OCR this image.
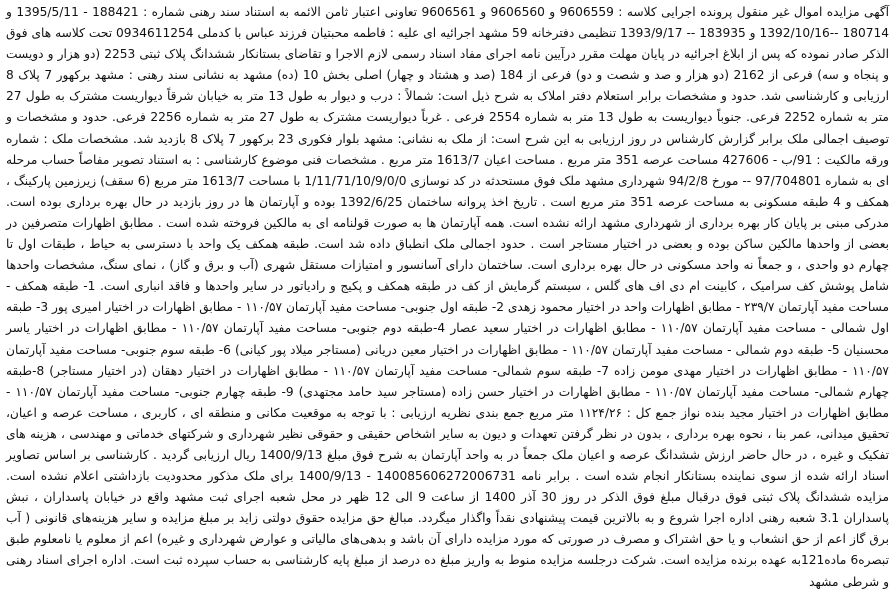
آگهی مزایده اموال غیر منقول پرونده اجرایی کلاسه : 9606559 و 9606560 و 9606561 تعاونی اعتبار ثامن الائمه به استناد سند رهنی شماره : 188421 - 1395/5/11 و 180714 --1392/10/16 و 183935 -- 1393/9/17 تنظیمی دفترخانه 59 مشهد اجرائیه ای علیه : فاطمه محبتیان فرزند عباس با کدملی 0934611254 تحت کلاسه های فوق الذکر صادر نموده که پس از ابلاغ اجرائیه در پایان مهلت مقرر درآیین نامه اجرای مفاد اسناد رسمی لازم الاجرا و تقاضای بستانکار ششدانگ پلاک ثبتی 2253 (دو هزار و دویست و پنجاه و سه) فرعی از 2162 (دو هزار و صد و شصت و دو) فرعی از 184 (صد و هشتاد و چهار) اصلی بخش 10 (ده) مشهد به نشانی سند رهنی : مشهد برکهور 7 پلاک 8 ارزیابی و کارشناسی شد. حدود و مشخصات برابر استعلام دفتر املاک به شرح ذیل است: شمالاً : درب و دیوار به طول 13 متر به خیابان شرقاً دیواریست مشترک به طول 27 متر به شماره 2252 فرعی. جنوباً دیواریست به طول 13 متر به شماره 2554 فرعی . غرباً دیواریست مشترک به طول 27 متر به شماره 2256 فرعی. حدود و مشخصات و توصیف اجمالی ملک برابر گزارش کارشناس در روز ارزیابی به این شرح است: از ملک به نشانی: مشهد بلوار فکوری 23 برکهور 7 پلاک 8 بازدید شد. مشخصات ملک : شماره ورقه مالکیت : 91/ب - 427606 مساحت عرصه 351 متر مربع . مساحت اعیان 1613/7 متر مربع . مشخصات فنی موضوع کارشناسی : به استناد تصویر مفاصاً حساب مرحله ای به شماره 97/704801 -- مورخ 94/2/8 شهرداری مشهد ملک فوق مستحدثه در کد نوسازی 1/11/71/10/9/0/0 با مساحت 1613/7 متر مربع (6 سقف) زیرزمین پارکینگ ، همکف و 4 طبقه مسکونی به مساحت عرصه 351 متر مربع است . تاریخ اخذ پروانه ساختمان 1392/6/25 بوده و آپارتمان ها در روز بازدید در حال بهره برداری بوده است. مدرکی مبنی بر پایان کار بهره برداری از شهرداری مشهد ارائه نشده است. همه آپارتمان ها به صورت قولنامه ای به مالکین فروخته شده است . مطابق اظهارات متصرفین در بعضی از واحدها مالکین ساکن بوده و بعضی در اختیار مستاجر است . حدود اجمالی ملک انطباق داده شد است. طبقه همکف یک واحد با دسترسی به حیاط ، طبقات اول تا چهارم دو واحدی ، و جمعاً نه واحد مسکونی در حال بهره برداری است. ساختمان دارای آسانسور و امتیازات مستقل شهری (آب و برق و گاز) ، نمای سنگ، مشخصات واحدها شامل پوشش کف سرامیک ، کابینت ام دی اف های گلس ، سیستم گرمایش از کف در طبقه همکف و پکیج و رادیاتور در سایر واحدها و فاقد انباری است. 1- طبقه همکف - مساحت مفید آپارتمان ۲۳۹/۷ - مطابق اظهارات واحد در اختیار محمود زهدی 2- طبقه اول جنوبی- مساحت مفید آپارتمان ۱۱۰/۵۷ - مطابق اظهارات در اختیار امیری پور 3- طبقه اول شمالی - مساحت مفید آپارتمان ۱۱۰/۵۷ - مطابق اظهارات در اختیار سعید عصار 4-طبقه دوم جنوبی- مساحت مفید آپارتمان ۱۱۰/۵۷ - مطابق اظهارات در اختیار یاسر محسنیان 5- طبقه دوم شمالی - مساحت مفید آپارتمان ۱۱۰/۵۷ - مطابق اظهارات در اختیار معین دریانی (مستاجر میلاد پور کیانی) 6- طبقه سوم جنوبی- مساحت مفید آپارتمان ۱۱۰/۵۷ - مطابق اظهارات در اختیار مهدی مومن زاده 7- طبقه سوم شمالی- مساحت مفید آپارتمان ۱۱۰/۵۷ - مطابق اظهارات در اختیار دهقان (در اختیار مستاجر) 8-طبقه چهارم شمالی- مساحت مفید آپارتمان ۱۱۰/۵۷ - مطابق اظهارات در اختیار حسن زاده (مستاجر سید حامد مجتهدی) 9- طبقه چهارم جنوبی- مساحت مفید آپارتمان ۱۱۰/۵۷ - مطابق اظهارات در اختیار مجید بنده نواز جمع کل : ۱۱۲۴/۲۶ متر مربع جمع بندی نظریه ارزیابی : با توجه به موقعیت مکانی و منطقه ای ، کاربری ، مساحت عرصه و اعیان، تحقیق میدانی، عمر بنا ، نحوه بهره برداری ، بدون در نظر گرفتن تعهدات و دیون به سایر اشخاص حقیقی و حقوقی نظیر شهرداری و شرکتهای خدماتی و مهندسی ، هزینه های تفکیک و غیره ، در حال حاضر ارزش ششدانگ عرصه و اعیان ملک جمعاً در به واحد آپارتمان به شرح فوق مبلغ 1400/9/13 ریال ارزیابی گردید . کارشناسی بر اساس تصاویر اسناد ارائه شده از سوی نماینده بستانکار انجام شده است . برابر نامه 140085606272006731 - 1400/9/13 برای ملک مذکور محدودیت بازداشتی اعلام نشده است. مزایده ششدانگ پلاک ثبتی فوق درقبال مبلغ فوق الذکر در روز 30 آذر 1400 از ساعت 9 الی 12 ظهر در محل شعبه اجرای ثبت مشهد واقع در خیابان پاسداران ، نبش پاسداران 3.1 شعبه رهنی اداره اجرا شروع و به بالاترین قیمت پیشنهادی نقداً واگذار میگردد. مبالغ حق مزایده حقوق دولتی زاید بر مبلغ مزایده و سایر هزینه‌های قانونی ( آب برق گاز اعم از حق انشعاب و یا حق اشتراک و مصرف در صورتی که مورد مزایده دارای آن باشد و بدهی‌های مالیاتی و عوارض شهرداری و غیره) اعم از معلوم یا نامعلوم طبق تبصره6 ماده121به عهده برنده مزایده است. شرکت درجلسه مزایده منوط به واریز مبلغ ده درصد از مبلغ پایه کارشناسی به حساب سپرده ثبت است. اداره اجرای اسناد رهنی و شرطی مشهد
